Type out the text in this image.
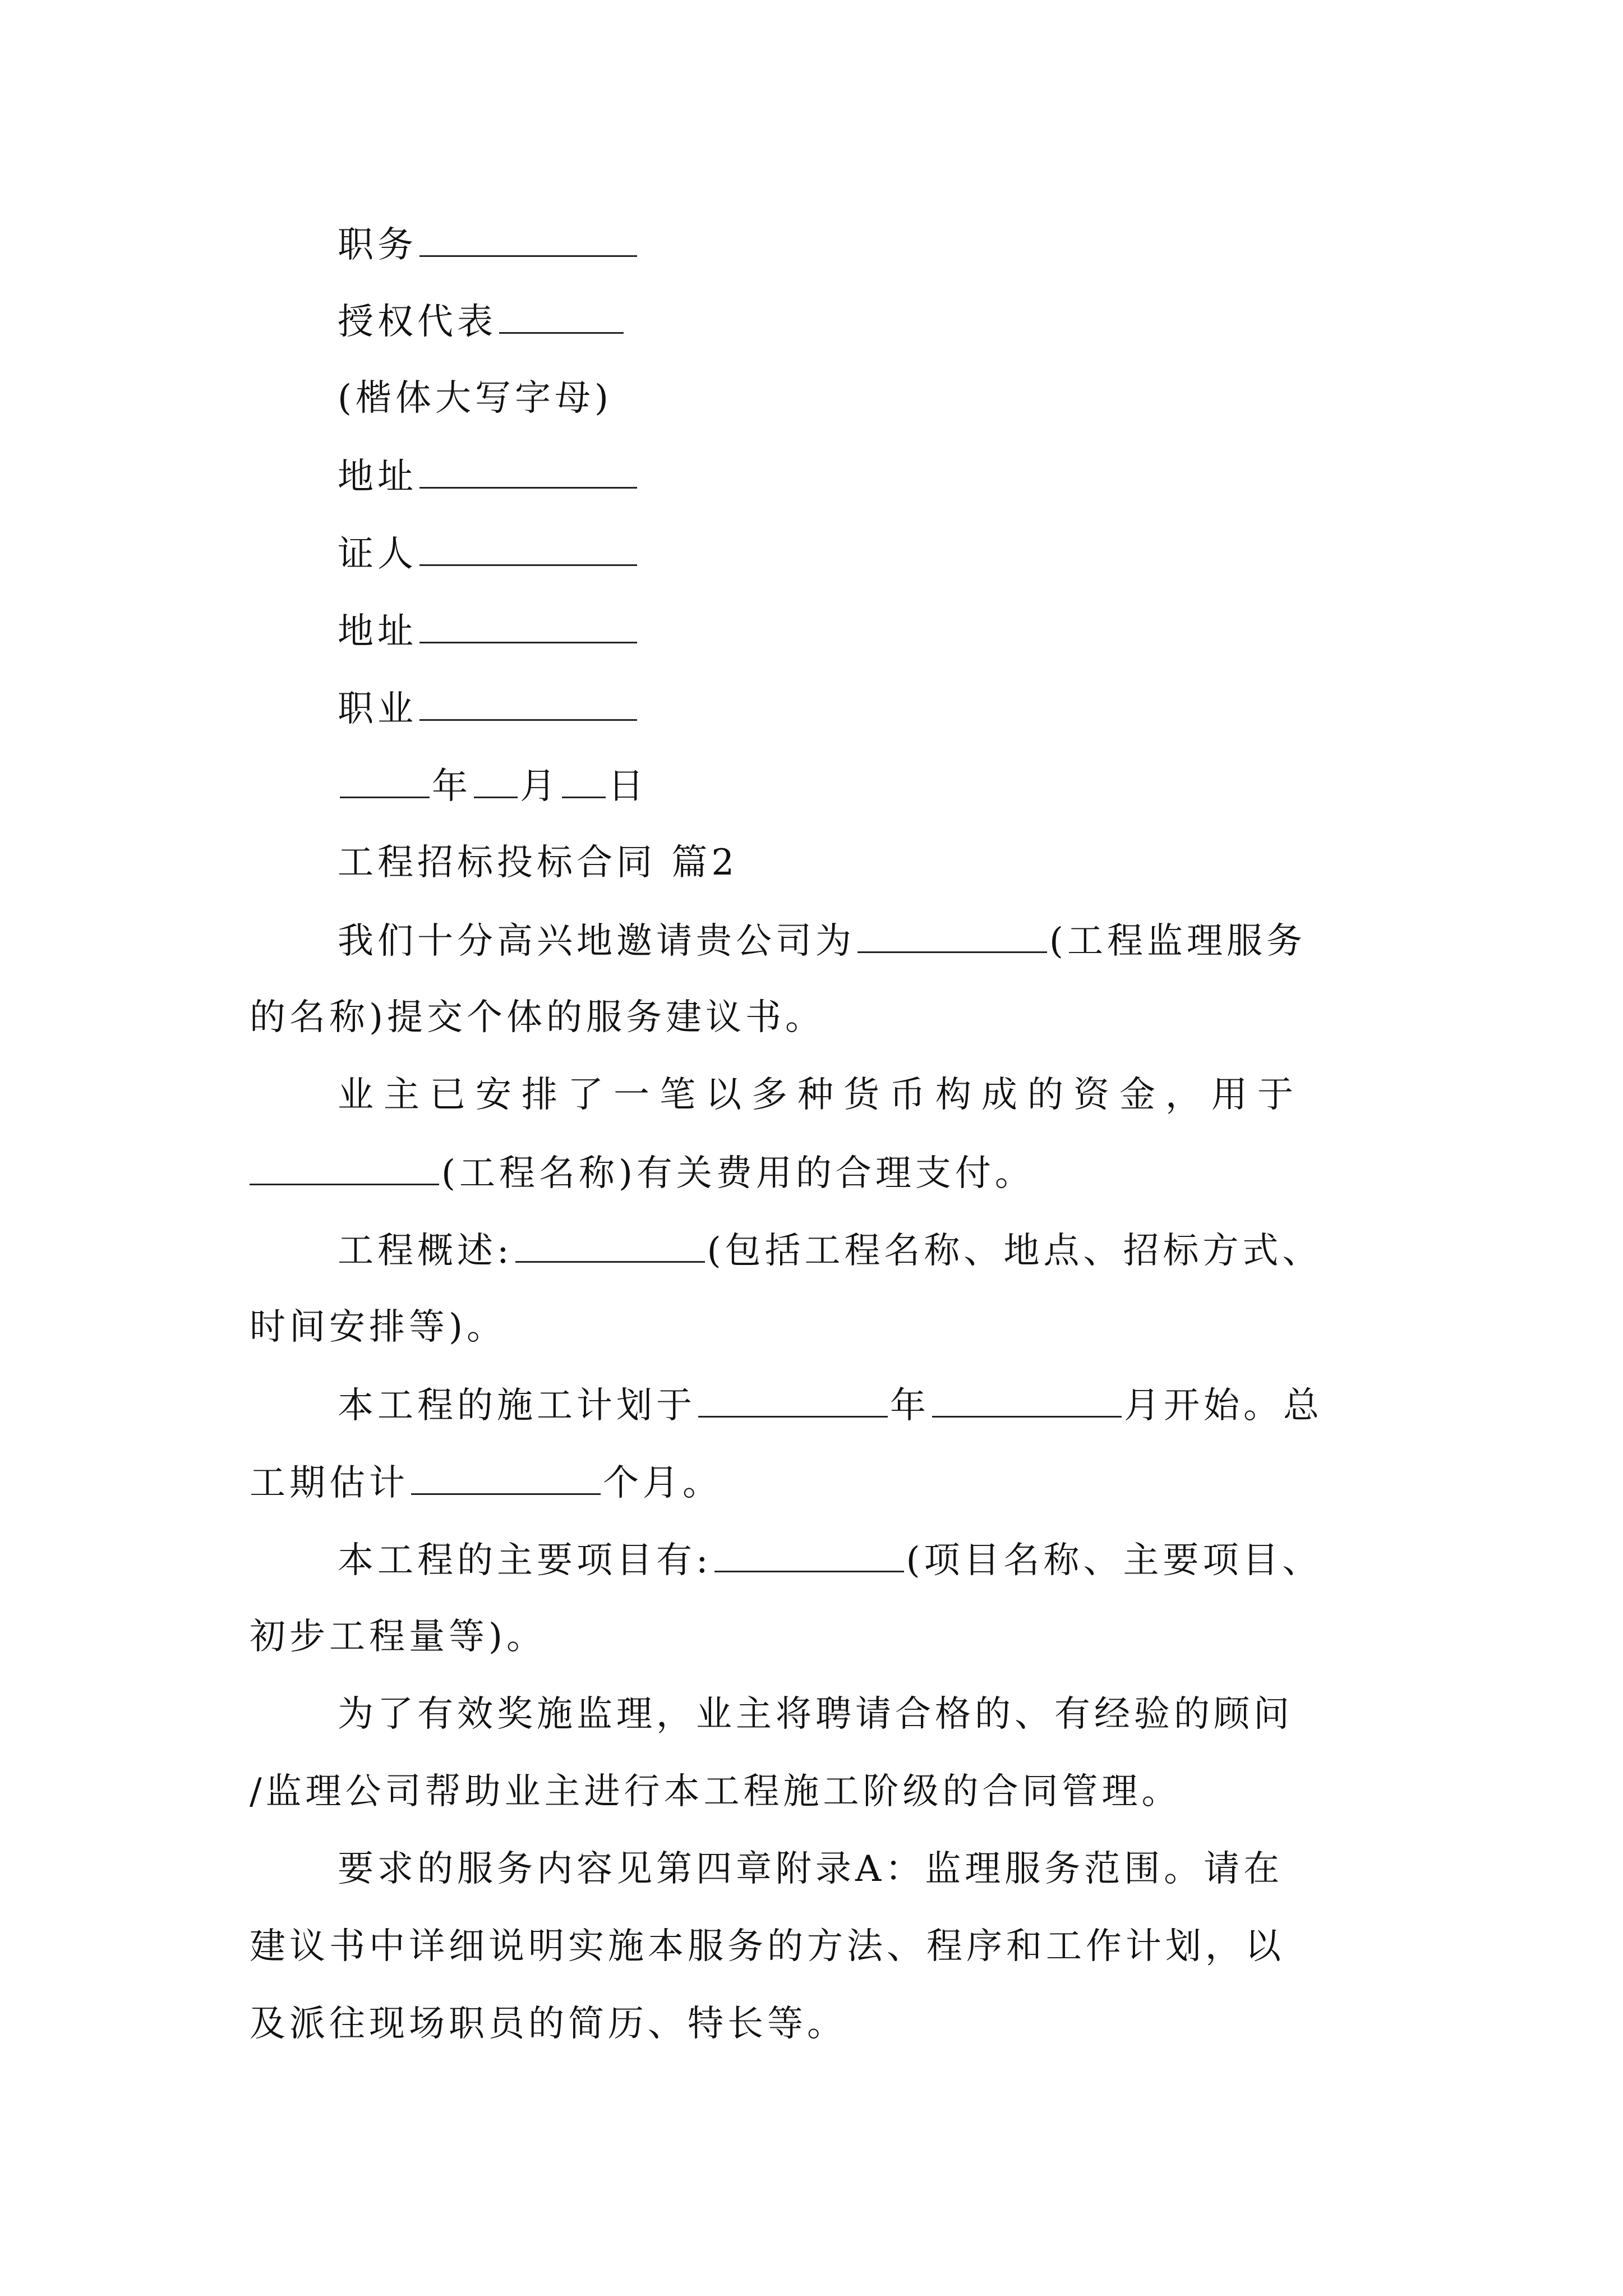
职务
授权代表
(楷体大写字母)
地址
证人
地址
职业
年 月 日
工程招标投标合同 篇2
我们十分高兴地邀请贵公司为	(工程监理服务
的名称)提交个体的服务建议书。
业主已安排了一笔以多种货币构成的资金，用于
(工程名称)有关费用的合理支付。
工程概述:	(包括工程名称、地点、招标方式、
时间安排等)。
本工程的施工计划于	年	月开始。总
工期估计	个月。
本工程的主要项目有:	(项目名称、主要项目、
初步工程量等)。
为了有效奖施监理，业主将聘请合格的、有经验的顾问
/监理公司帮助业主进行本工程施工阶级的合同管理。
要求的服务内容见第四章附录A：监理服务范围。请在
建议书中详细说明实施本服务的方法、程序和工作计划，以
及派往现场职员的简历、特长等。
